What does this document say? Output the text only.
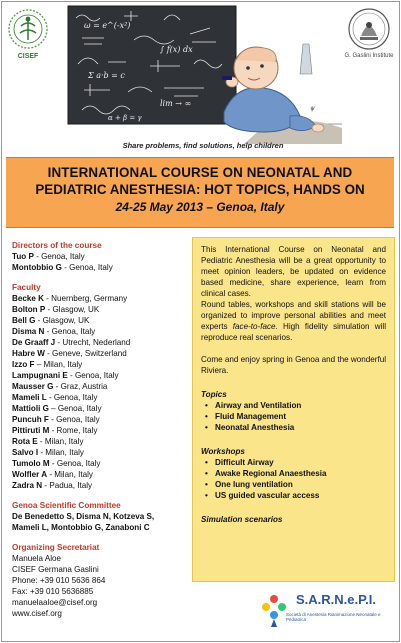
CISEF	G. Gaslini Institute
ω = e^(-x²)
∫ f(x) dx
Σ a·b = c
lim → ∞
α + β = γ
ψ
Share problems, find solutions, help children
INTERNATIONAL COURSE ON NEONATAL AND
PEDIATRIC ANESTHESIA: HOT TOPICS, HANDS ON
24-25 May 2013 – Genoa, Italy
Directors of the course
Tuo P - Genoa, Italy
Montobbio G - Genoa, Italy
Faculty
Becke K - Nuernberg, Germany
Bolton P - Glasgow, UK
Bell G - Glasgow, UK
Disma N - Genoa, Italy
De Graaff J - Utrecht, Nederland
Habre W - Geneve, Switzerland
Izzo F – Milan, Italy
Lampugnani E - Genoa, Italy
Mausser G - Graz, Austria
Mameli L - Genoa, Italy
Mattioli G – Genoa, Italy
Puncuh F - Genoa, Italy
Pittiruti M - Rome, Italy
Rota E - Milan, Italy
Salvo I - Milan, Italy
Tumolo M - Genoa, Italy
Wolfler A - Milan, Italy
Zadra N - Padua, Italy
Genoa Scientific Committee
De Benedetto S, Disma N, Kotzeva S,
Mameli L, Montobbio G, Zanaboni C
Organizing Secretariat
Manuela Aloe
CISEF Germana Gaslini
Phone: +39 010 5636 864
Fax: +39 010 5636885
manuelaaloe@cisef.org
www.cisef.org

This International Course on Neonatal and Pediatric Anesthesia will be a great opportunity to meet opinion leaders, be updated on evidence based medicine, share experience, learn from clinical cases.

Round tables, workshops and skill stations will be organized to improve personal abilities and meet experts face-to-face. High fidelity simulation will reproduce real scenarios.

Come and enjoy spring in Genoa and the wonderful Riviera.

Topics
• Airway and Ventilation
• Fluid Management
• Neonatal Anesthesia
Workshops
• Difficult Airway
• Awake Regional Anaesthesia
• One lung ventilation
• US guided vascular access
Simulation scenarios
S.A.R.N.e.P.I.
Società di Anestesia Rianimazione Neonatale e Pediatrica
